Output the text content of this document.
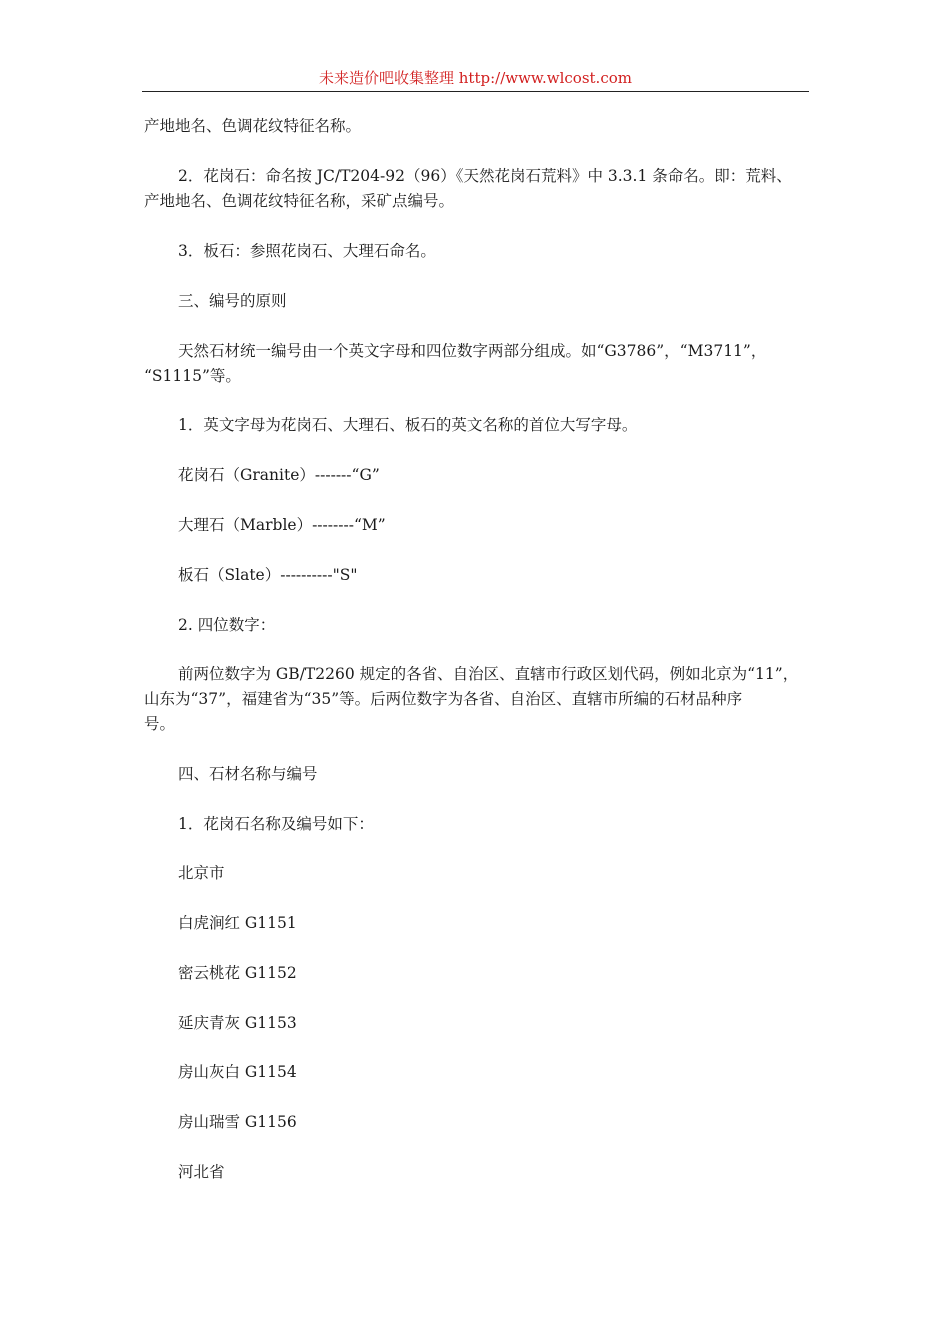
未来造价吧收集整理 http://www.wlcost.com

产地地名、色调花纹特征名称。

2．花岗石：命名按 JC/T204-92（96）《天然花岗石荒料》中 3.3.1 条命名。即：荒料、

产地地名、色调花纹特征名称，采矿点编号。

3．板石：参照花岗石、大理石命名。

三、编号的原则

天然石材统一编号由一个英文字母和四位数字两部分组成。如“G3786”，“M3711”，

“S1115”等。

1．英文字母为花岗石、大理石、板石的英文名称的首位大写字母。

花岗石（Granite）-------“G”

大理石（Marble）--------“M”

板石（Slate）----------"S"

2. 四位数字：

前两位数字为 GB/T2260 规定的各省、自治区、直辖市行政区划代码，例如北京为“11”，

山东为“37”，福建省为“35”等。后两位数字为各省、自治区、直辖市所编的石材品种序

号。

四、石材名称与编号

1．花岗石名称及编号如下：

北京市

白虎涧红 G1151

密云桃花 G1152

延庆青灰 G1153

房山灰白 G1154

房山瑞雪 G1156

河北省
